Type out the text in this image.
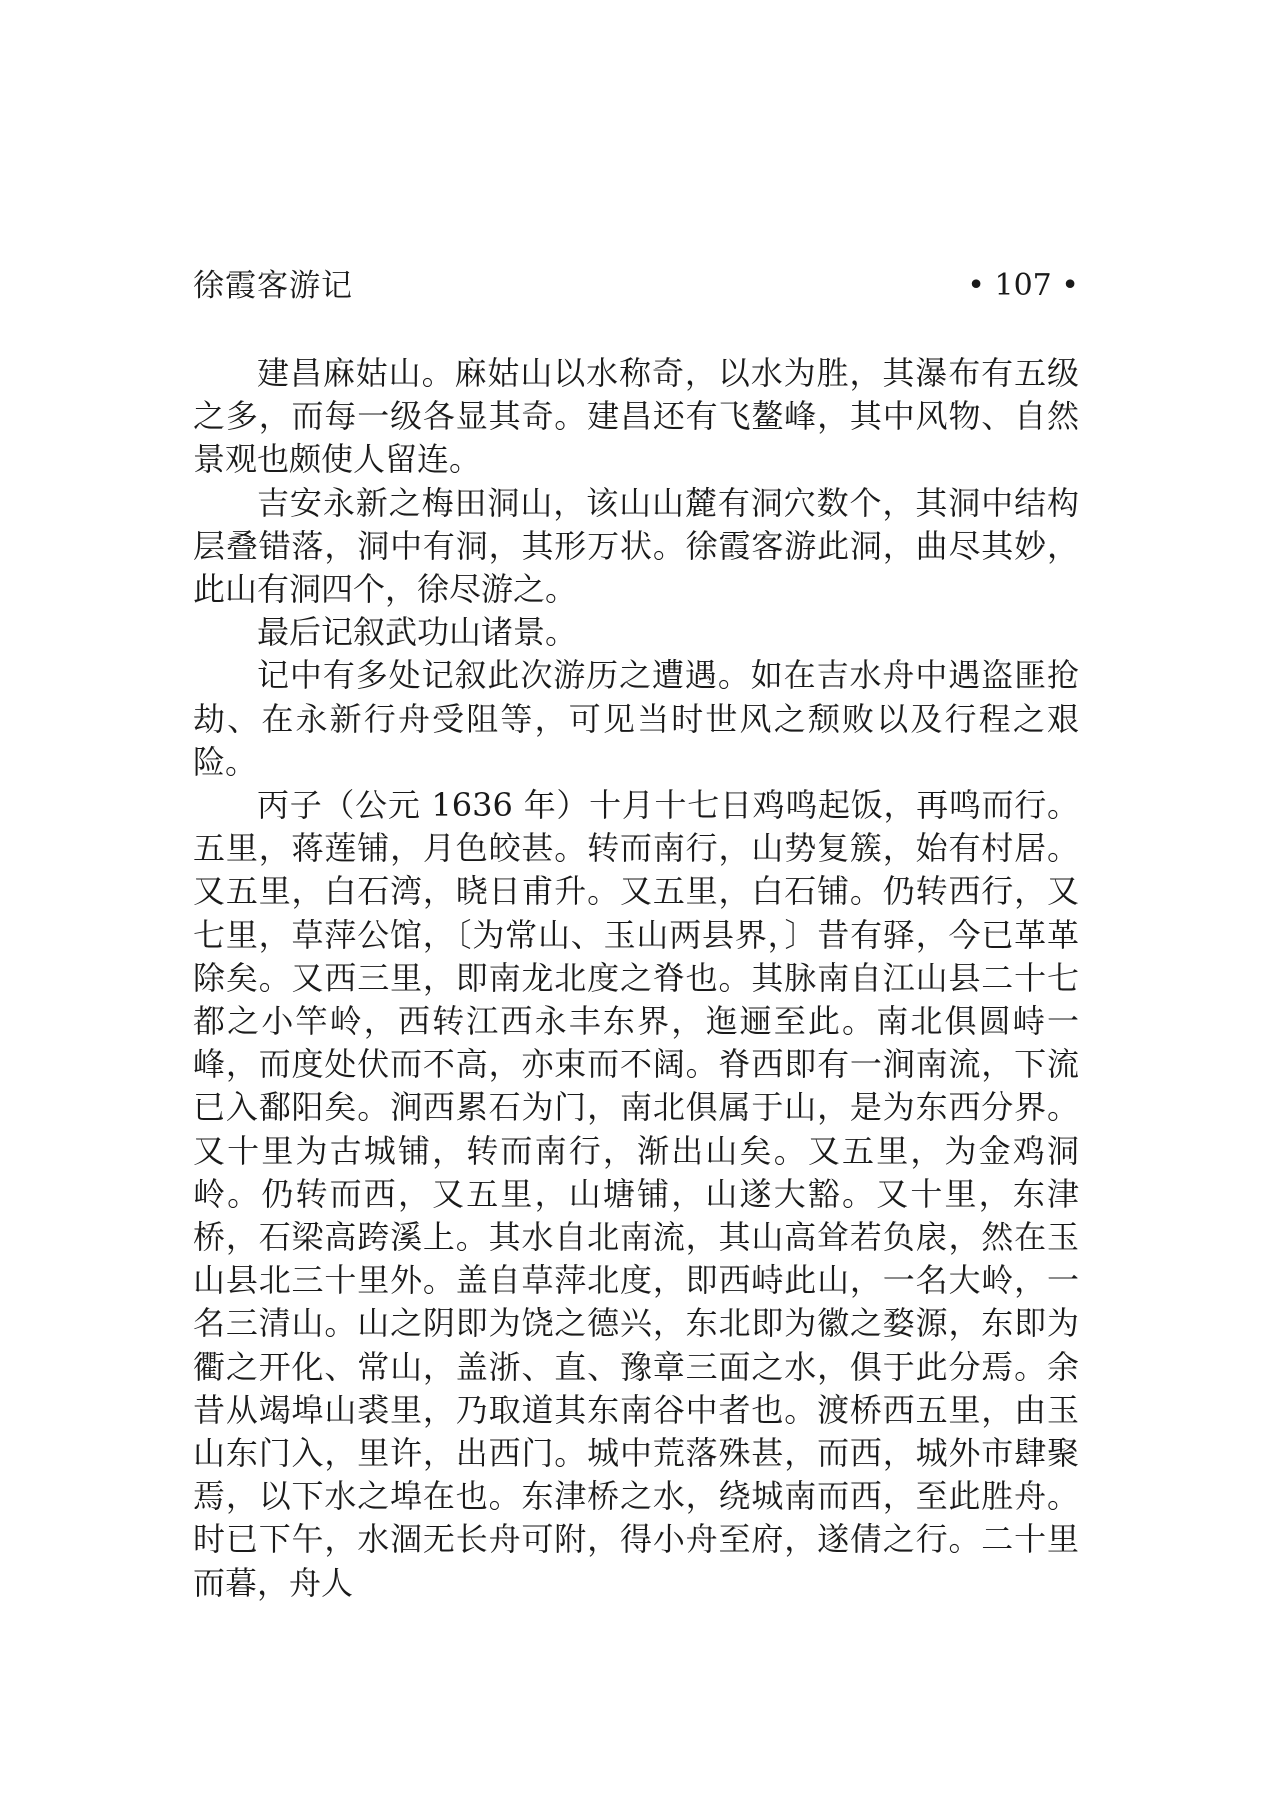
徐霞客游记	• 107 •

建昌麻姑山。麻姑山以水称奇，以水为胜，其瀑布有五级之多，而每一级各显其奇。建昌还有飞鳌峰，其中风物、自然景观也颇使人留连。

吉安永新之梅田洞山，该山山麓有洞穴数个，其洞中结构层叠错落，洞中有洞，其形万状。徐霞客游此洞，曲尽其妙，此山有洞四个，徐尽游之。

最后记叙武功山诸景。

记中有多处记叙此次游历之遭遇。如在吉水舟中遇盗匪抢劫、在永新行舟受阻等，可见当时世风之颓败以及行程之艰险。

丙子（公元 1636 年）十月十七日鸡鸣起饭，再鸣而行。五里，蒋莲铺，月色皎甚。转而南行，山势复簇，始有村居。又五里，白石湾，晓日甫升。又五里，白石铺。仍转西行，又七里，草萍公馆，〔为常山、玉山两县界，〕昔有驿，今已革革除矣。又西三里，即南龙北度之脊也。其脉南自江山县二十七都之小竿岭，西转江西永丰东界，迤逦至此。南北俱圆峙一峰，而度处伏而不高，亦束而不阔。脊西即有一涧南流，下流已入鄱阳矣。涧西累石为门，南北俱属于山，是为东西分界。又十里为古城铺，转而南行，渐出山矣。又五里，为金鸡洞岭。仍转而西，又五里，山塘铺，山遂大豁。又十里，东津桥，石梁高跨溪上。其水自北南流，其山高耸若负扆，然在玉山县北三十里外。盖自草萍北度，即西峙此山，一名大岭，一名三清山。山之阴即为饶之德兴，东北即为徽之婺源，东即为衢之开化、常山，盖浙、直、豫章三面之水，俱于此分焉。余昔从竭埠山裘里，乃取道其东南谷中者也。渡桥西五里，由玉山东门入，里许，出西门。城中荒落殊甚，而西，城外市肆聚焉，以下水之埠在也。东津桥之水，绕城南而西，至此胜舟。时已下午，水涸无长舟可附，得小舟至府，遂倩之行。二十里而暮，舟人
